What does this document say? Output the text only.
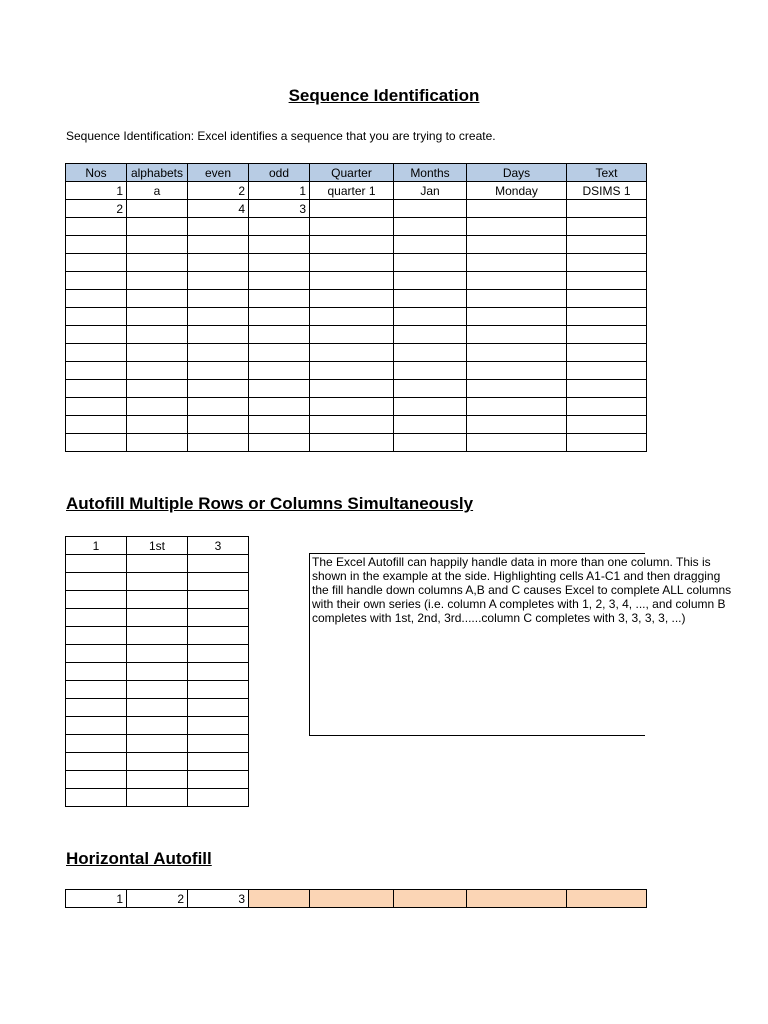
Sequence Identification
Sequence Identification: Excel identifies a sequence that you are trying to create.
Nos	alphabets	even	odd	Quarter	Months	Days	Text
1	a	2	1	quarter 1	Jan	Monday	DSIMS 1
2		4	3				

Autofill Multiple Rows or Columns Simultaneously
1	1st	3

The Excel Autofill can happily handle data in more than one column. This is shown in the example at the side. Highlighting cells A1-C1 and then dragging the fill handle down columns A,B and C causes Excel to complete ALL columns with their own series (i.e. column A completes with 1, 2, 3, 4, ..., and column B completes with 1st, 2nd, 3rd......column C completes with 3, 3, 3, 3, ...)

Horizontal Autofill
1	2	3					
